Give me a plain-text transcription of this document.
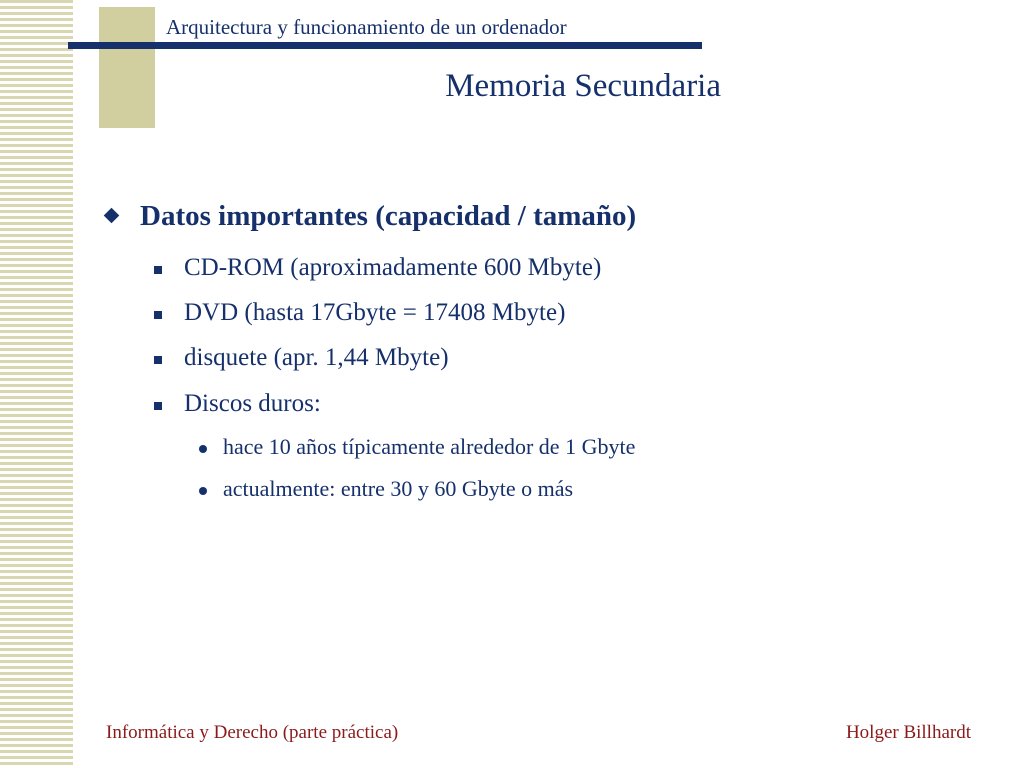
Arquitectura y funcionamiento de un ordenador
Memoria Secundaria
Datos importantes (capacidad / tamaño)
CD-ROM (aproximadamente 600 Mbyte)
DVD (hasta 17Gbyte = 17408 Mbyte)
disquete (apr. 1,44 Mbyte)
Discos duros:
hace 10 años típicamente alrededor de 1 Gbyte
actualmente: entre 30 y 60 Gbyte o más
Informática y Derecho (parte práctica)	Holger Billhardt
